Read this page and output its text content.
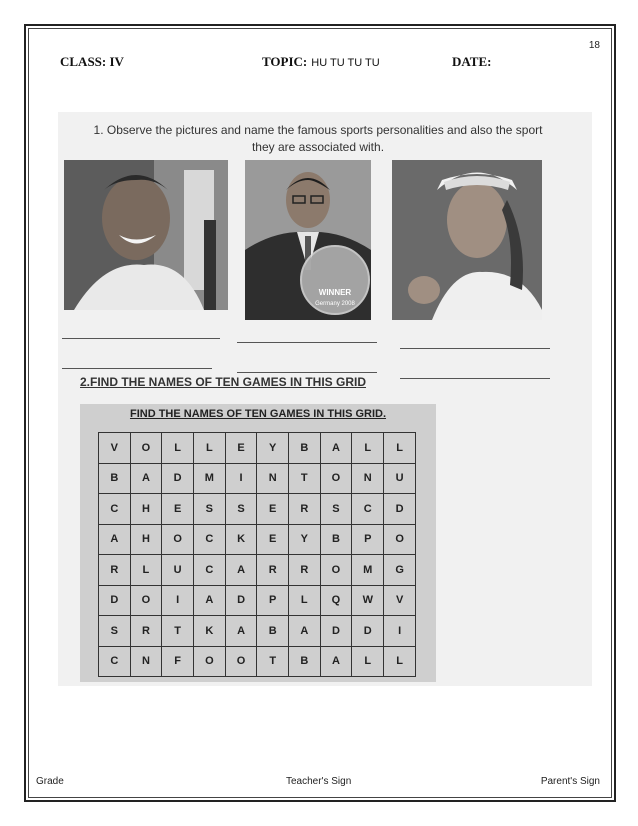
18
CLASS: IV	TOPIC: HU TU TU TU	DATE:
1. Observe the pictures and name the famous sports personalities and also the sport they are associated with.
WINNER
Germany 2008
2.FIND THE NAMES OF TEN GAMES IN THIS GRID
FIND THE NAMES OF TEN GAMES IN THIS GRID.
V	O	L	L	E	Y	B	A	L	L
B	A	D	M	I	N	T	O	N	U
C	H	E	S	S	E	R	S	C	D
A	H	O	C	K	E	Y	B	P	O
R	L	U	C	A	R	R	O	M	G
D	O	I	A	D	P	L	Q	W	V
S	R	T	K	A	B	A	D	D	I
C	N	F	O	O	T	B	A	L	L
Grade	Teacher's Sign	Parent's Sign
